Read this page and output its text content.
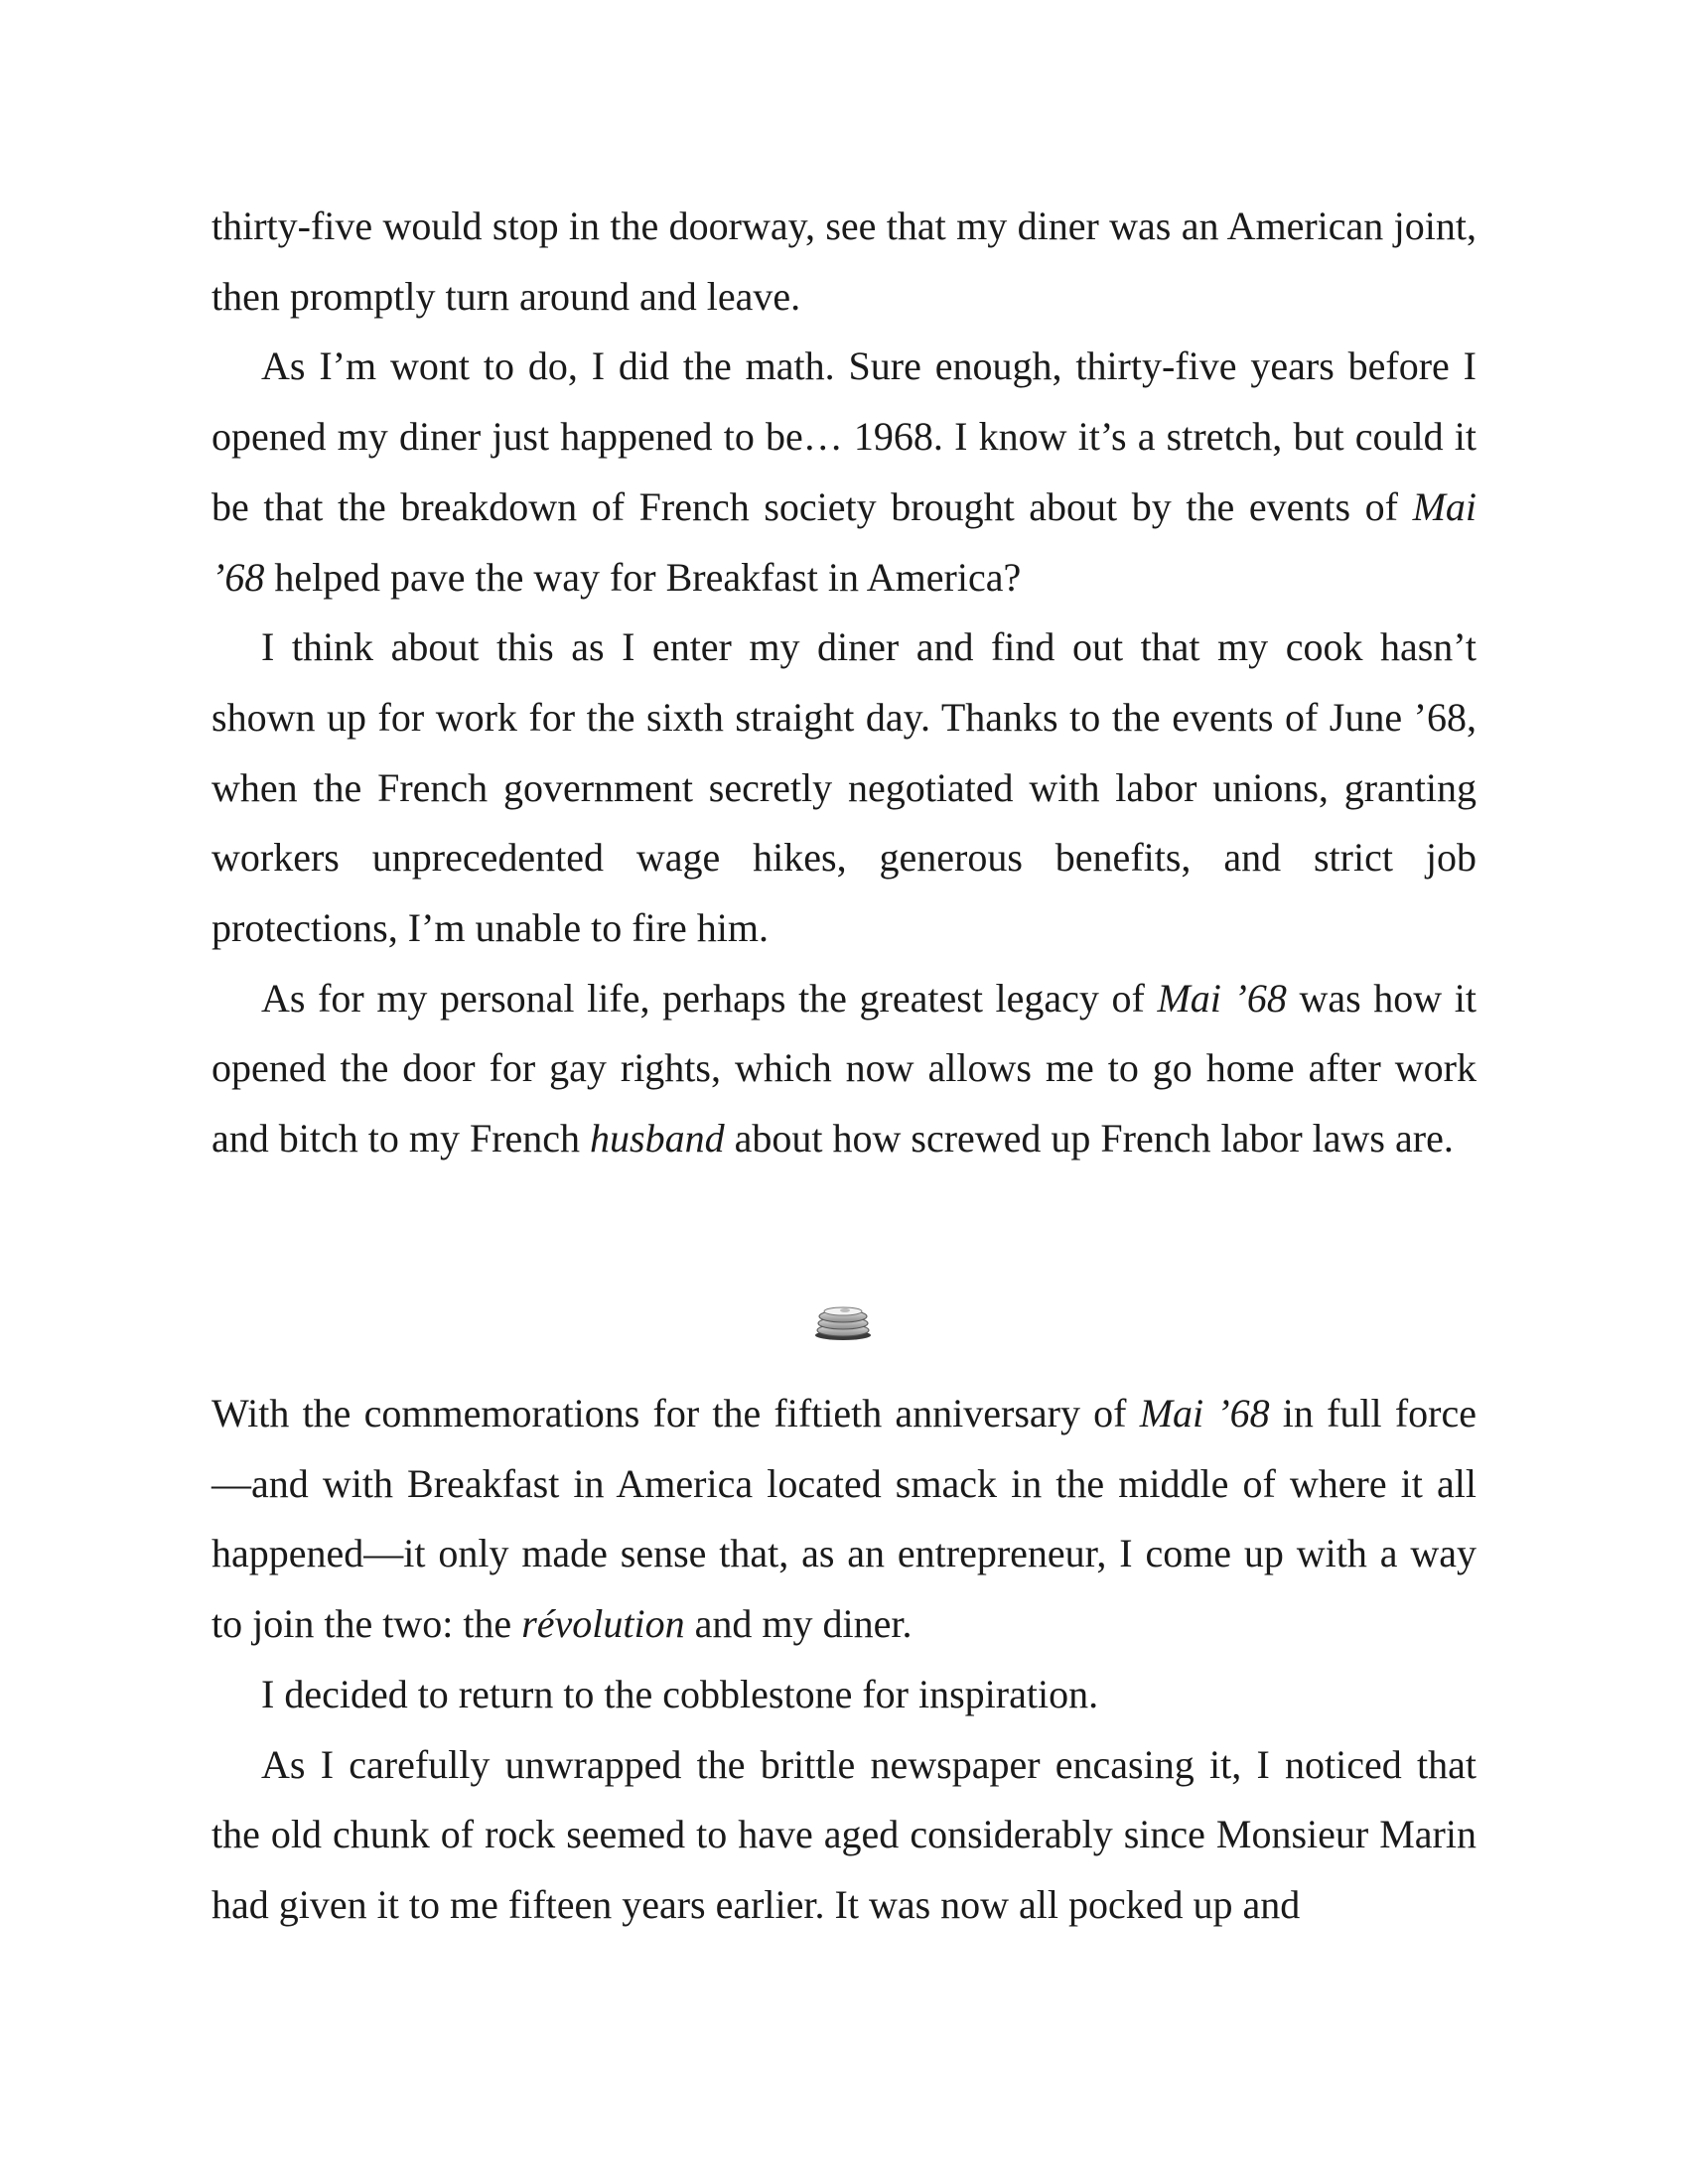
thirty-five would stop in the doorway, see that my diner was an American joint, then promptly turn around and leave.

As I’m wont to do, I did the math. Sure enough, thirty-five years before I opened my diner just happened to be… 1968. I know it’s a stretch, but could it be that the breakdown of French society brought about by the events of Mai ’68 helped pave the way for Breakfast in America?

I think about this as I enter my diner and find out that my cook hasn’t shown up for work for the sixth straight day. Thanks to the events of June ’68, when the French government secretly negotiated with labor unions, granting workers unprecedented wage hikes, generous benefits, and strict job protections, I’m unable to fire him.

As for my personal life, perhaps the greatest legacy of Mai ’68 was how it opened the door for gay rights, which now allows me to go home after work and bitch to my French husband about how screwed up French labor laws are.

With the commemorations for the fiftieth anniversary of Mai ’68 in full force—and with Breakfast in America located smack in the middle of where it all happened—it only made sense that, as an entrepreneur, I come up with a way to join the two: the révolution and my diner.

I decided to return to the cobblestone for inspiration.

As I carefully unwrapped the brittle newspaper encasing it, I noticed that the old chunk of rock seemed to have aged considerably since Monsieur Marin had given it to me fifteen years earlier. It was now all pocked up and
